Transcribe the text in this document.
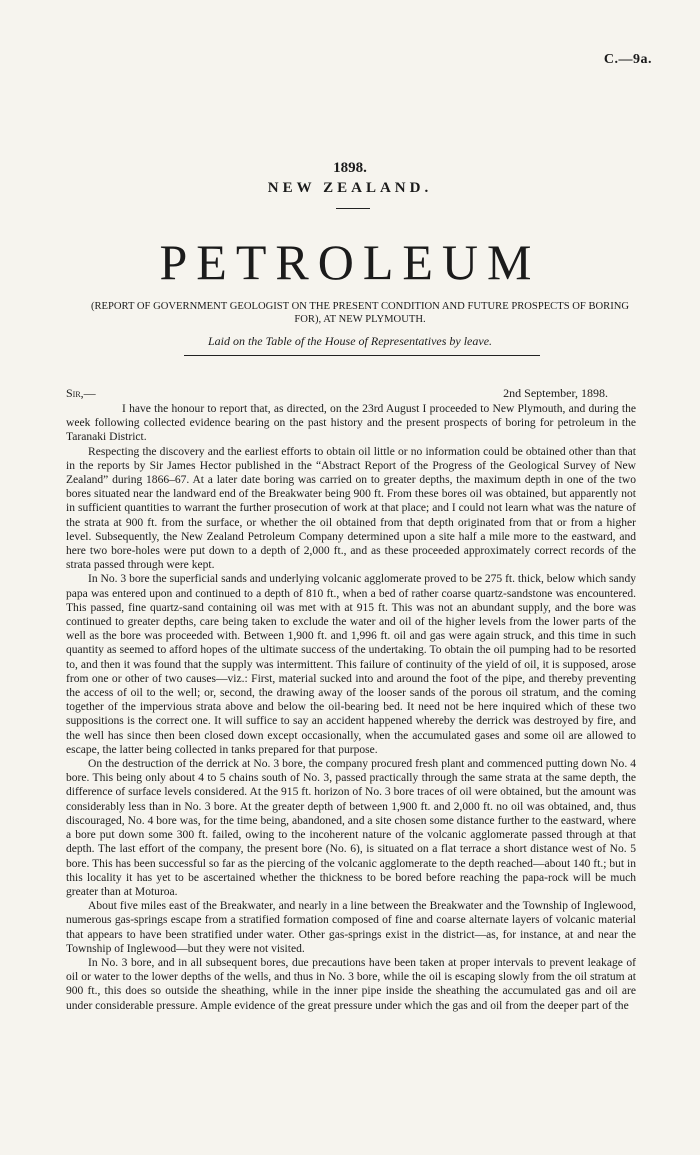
C.—9a.
1898.
NEW ZEALAND.
PETROLEUM
(REPORT OF GOVERNMENT GEOLOGIST ON THE PRESENT CONDITION AND FUTURE PROSPECTS OF BORING FOR), AT NEW PLYMOUTH.
Laid on the Table of the House of Representatives by leave.
Sir,—	2nd September, 1898.

I have the honour to report that, as directed, on the 23rd August I proceeded to New Plymouth, and during the week following collected evidence bearing on the past history and the present prospects of boring for petroleum in the Taranaki District.

Respecting the discovery and the earliest efforts to obtain oil little or no information could be obtained other than that in the reports by Sir James Hector published in the “Abstract Report of the Progress of the Geological Survey of New Zealand” during 1866–67. At a later date boring was carried on to greater depths, the maximum depth in one of the two bores situated near the landward end of the Breakwater being 900 ft. From these bores oil was obtained, but apparently not in sufficient quantities to warrant the further prosecution of work at that place; and I could not learn what was the nature of the strata at 900 ft. from the surface, or whether the oil obtained from that depth originated from that or from a higher level. Subsequently, the New Zealand Petroleum Company determined upon a site half a mile more to the eastward, and here two bore-holes were put down to a depth of 2,000 ft., and as these proceeded approximately correct records of the strata passed through were kept.

In No. 3 bore the superficial sands and underlying volcanic agglomerate proved to be 275 ft. thick, below which sandy papa was entered upon and continued to a depth of 810 ft., when a bed of rather coarse quartz-sandstone was encountered. This passed, fine quartz-sand containing oil was met with at 915 ft. This was not an abundant supply, and the bore was continued to greater depths, care being taken to exclude the water and oil of the higher levels from the lower parts of the well as the bore was proceeded with. Between 1,900 ft. and 1,996 ft. oil and gas were again struck, and this time in such quantity as seemed to afford hopes of the ultimate success of the undertaking. To obtain the oil pumping had to be resorted to, and then it was found that the supply was intermittent. This failure of continuity of the yield of oil, it is supposed, arose from one or other of two causes—viz.: First, material sucked into and around the foot of the pipe, and thereby preventing the access of oil to the well; or, second, the drawing away of the looser sands of the porous oil stratum, and the coming together of the impervious strata above and below the oil-bearing bed. It need not be here inquired which of these two suppositions is the correct one. It will suffice to say an accident happened whereby the derrick was destroyed by fire, and the well has since then been closed down except occasionally, when the accumulated gases and some oil are allowed to escape, the latter being collected in tanks prepared for that purpose.

On the destruction of the derrick at No. 3 bore, the company procured fresh plant and commenced putting down No. 4 bore. This being only about 4 to 5 chains south of No. 3, passed practically through the same strata at the same depth, the difference of surface levels considered. At the 915 ft. horizon of No. 3 bore traces of oil were obtained, but the amount was considerably less than in No. 3 bore. At the greater depth of between 1,900 ft. and 2,000 ft. no oil was obtained, and, thus discouraged, No. 4 bore was, for the time being, abandoned, and a site chosen some distance further to the eastward, where a bore put down some 300 ft. failed, owing to the incoherent nature of the volcanic agglomerate passed through at that depth. The last effort of the company, the present bore (No. 6), is situated on a flat terrace a short distance west of No. 5 bore. This has been successful so far as the piercing of the volcanic agglomerate to the depth reached—about 140 ft.; but in this locality it has yet to be ascertained whether the thickness to be bored before reaching the papa-rock will be much greater than at Moturoa.

About five miles east of the Breakwater, and nearly in a line between the Breakwater and the Township of Inglewood, numerous gas-springs escape from a stratified formation composed of fine and coarse alternate layers of volcanic material that appears to have been stratified under water. Other gas-springs exist in the district—as, for instance, at and near the Township of Inglewood—but they were not visited.

In No. 3 bore, and in all subsequent bores, due precautions have been taken at proper intervals to prevent leakage of oil or water to the lower depths of the wells, and thus in No. 3 bore, while the oil is escaping slowly from the oil stratum at 900 ft., this does so outside the sheathing, while in the inner pipe inside the sheathing the accumulated gas and oil are under considerable pressure. Ample evidence of the great pressure under which the gas and oil from the deeper part of the
